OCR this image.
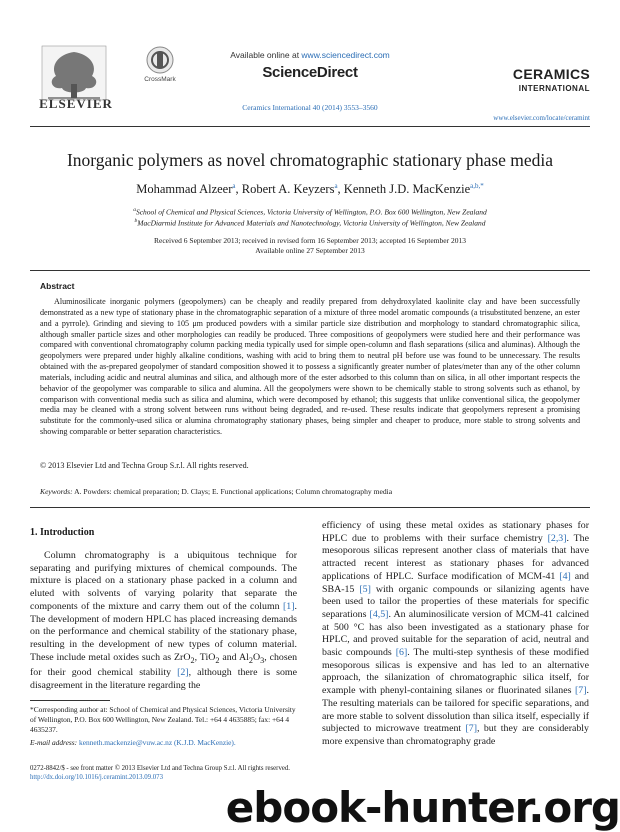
ELSEVIER
CrossMark
Available online at www.sciencedirect.com
ScienceDirect
Ceramics International 40 (2014) 3553–3560
CERAMICS
INTERNATIONAL
www.elsevier.com/locate/ceramint
Inorganic polymers as novel chromatographic stationary phase media
Mohammad Alzeer$^a$, Robert A. Keyzers$^a$, Kenneth J.D. MacKenzie$^{a,b,*}$
$^a$School of Chemical and Physical Sciences, Victoria University of Wellington, P.O. Box 600 Wellington, New Zealand
$^b$MacDiarmid Institute for Advanced Materials and Nanotechnology, Victoria University of Wellington, New Zealand
Received 6 September 2013; received in revised form 16 September 2013; accepted 16 September 2013
Available online 27 September 2013
Abstract
Aluminosilicate inorganic polymers (geopolymers) can be cheaply and readily prepared from dehydroxylated kaolinite clay and have been successfully demonstrated as a new type of stationary phase in the chromatographic separation of a mixture of three model aromatic compounds (a trisubstituted benzene, an ester and a pyrrole). Grinding and sieving to 105 μm produced powders with a similar particle size distribution and morphology to standard chromatographic silica, although smaller particle sizes and other morphologies can readily be produced. Three compositions of geopolymers were studied here and their performance was compared with conventional chromatography column packing media typically used for simple open-column and flash separations (silica and aluminas). Although the geopolymers were prepared under highly alkaline conditions, washing with acid to bring them to neutral pH before use was found to be unnecessary. The results obtained with the as-prepared geopolymer of standard composition showed it to possess a significantly greater number of plates/meter than any of the other column materials, including acidic and neutral aluminas and silica, and although more of the ester adsorbed to this column than on silica, in all other important respects the behavior of the geopolymer was comparable to silica and alumina. All the geopolymers were shown to be chemically stable to strong solvents such as ethanol, by comparison with conventional media such as silica and alumina, which were decomposed by ethanol; this suggests that unlike conventional silica, the geopolymer media may be cleaned with a strong solvent between runs without being degraded, and re-used. These results indicate that geopolymers represent a promising substitute for the commonly-used silica or alumina chromatography stationary phases, being simpler and cheaper to produce, more stable to strong solvents and showing comparable or better separation characteristics.
© 2013 Elsevier Ltd and Techna Group S.r.l. All rights reserved.
Keywords: A. Powders: chemical preparation; D. Clays; E. Functional applications; Column chromatography media
1. Introduction
Column chromatography is a ubiquitous technique for separating and purifying mixtures of chemical compounds. The mixture is placed on a stationary phase packed in a column and eluted with solvents of varying polarity that separate the components of the mixture and carry them out of the column [1]. The development of modern HPLC has placed increasing demands on the performance and chemical stability of the stationary phase, resulting in the development of new types of column material. These include metal oxides such as ZrO$_2$, TiO$_2$ and $Al_2O_3$, chosen for their good chemical stability [2], although there is some disagreement in the literature regarding the
*Corresponding author at: School of Chemical and Physical Sciences, Victoria University of Wellington, P.O. Box 600 Wellington, New Zealand. Tel.: +64 4 4635885; fax: +64 4 4635237.
E-mail address: kenneth.mackenzie@vuw.ac.nz (K.J.D. MacKenzie).
efficiency of using these metal oxides as stationary phases for HPLC due to problems with their surface chemistry [2,3]. The mesoporous silicas represent another class of materials that have attracted recent interest as stationary phases for advanced applications of HPLC. Surface modification of MCM-41 [4] and SBA-15 [5] with organic compounds or silanizing agents have been used to tailor the properties of these materials for specific separations [4,5]. An aluminosilicate version of MCM-41 calcined at 500 °C has also been investigated as a stationary phase for HPLC, and proved suitable for the separation of acid, neutral and basic compounds [6]. The multi-step synthesis of these modified mesoporous silicas is expensive and has led to an alternative approach, the silanization of chromatographic silica itself, for example with phenyl-containing silanes or fluorinated silanes [7]. The resulting materials can be tailored for specific separations, and are more stable to solvent dissolution than silica itself, especially if subjected to microwave treatment [7], but they are considerably more expensive than chromatography grade
0272-8842/$ - see front matter © 2013 Elsevier Ltd and Techna Group S.r.l. All rights reserved.
http://dx.doi.org/10.1016/j.ceramint.2013.09.073
ebook-hunter.org
